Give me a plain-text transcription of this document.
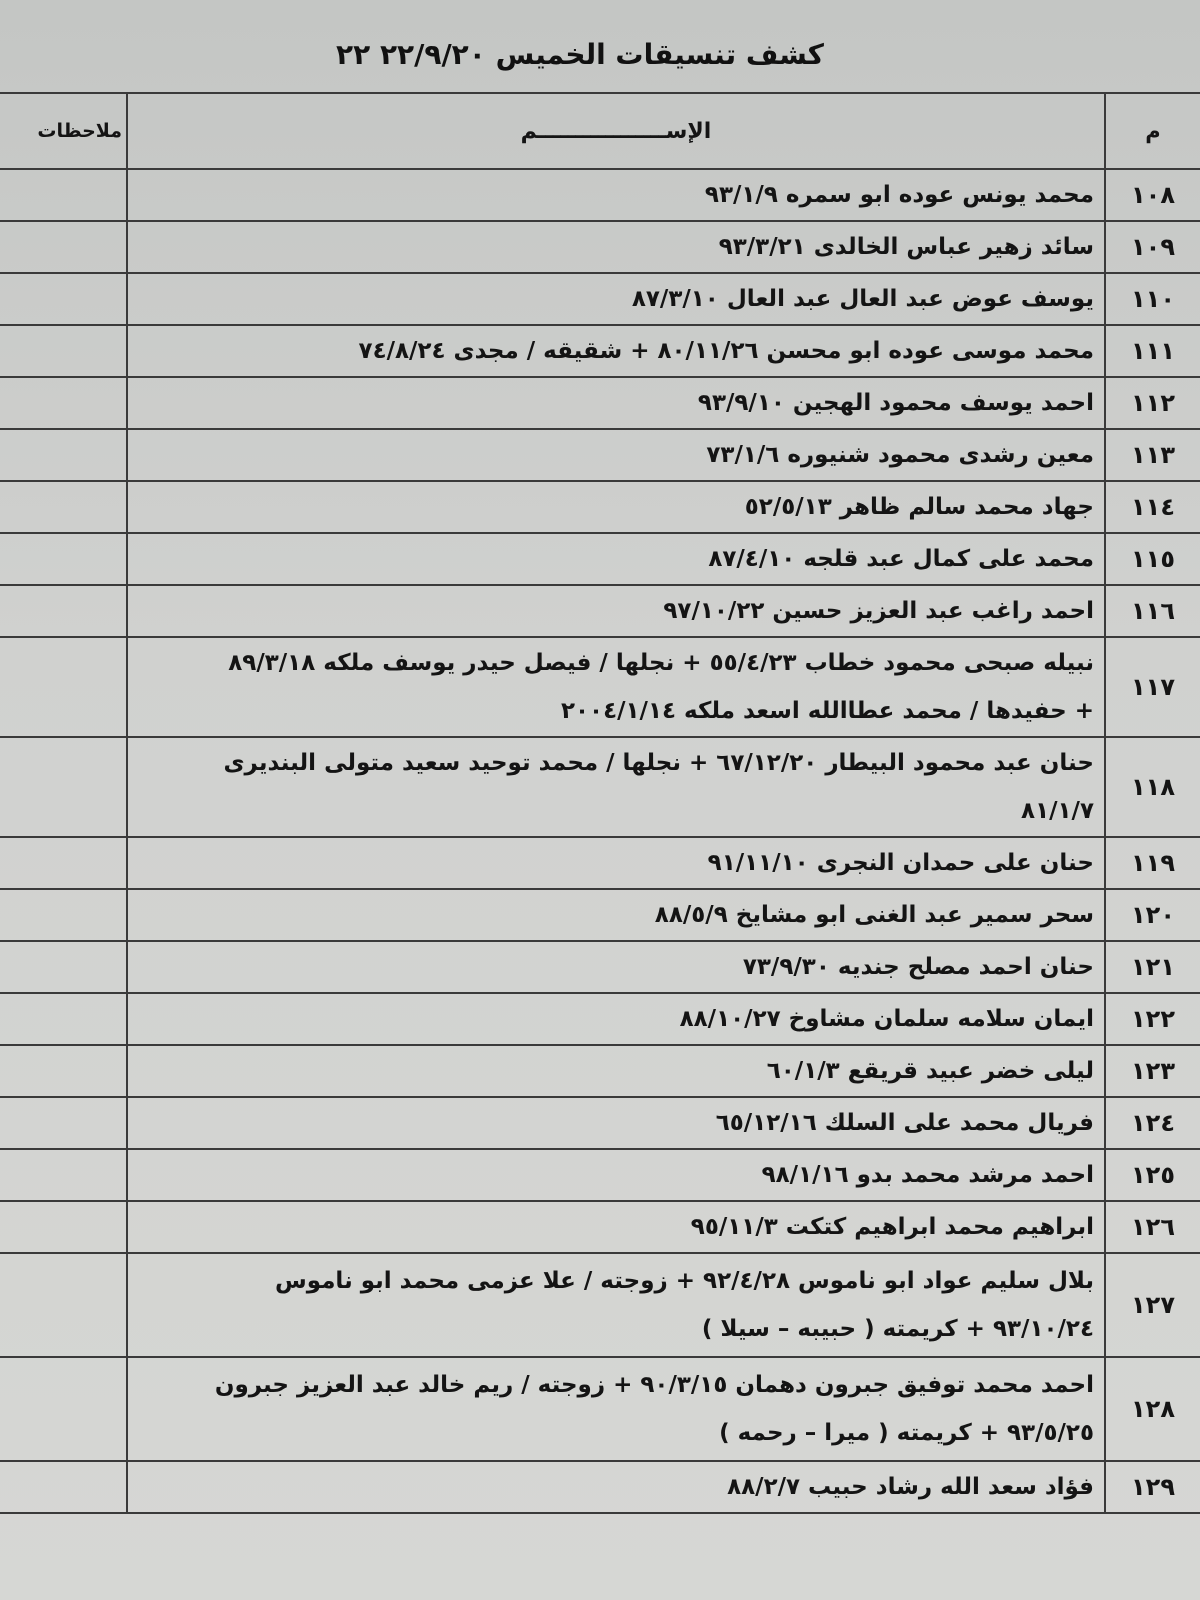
كشف تنسيقات الخميس ٢٢/٩/٢٠ ٢٢
م	الإســـــــــــــــــم	ملاحظات
١٠٨	محمد يونس عوده ابو سمره ٩٣/١/٩	

١٠٩	سائد زهير عباس الخالدى ٩٣/٣/٢١	

١١٠	يوسف عوض عبد العال عبد العال ٨٧/٣/١٠	

١١١	محمد موسى عوده ابو محسن ٨٠/١١/٢٦ + شقيقه / مجدى ٧٤/٨/٢٤	

١١٢	احمد يوسف محمود الهجين ٩٣/٩/١٠	

١١٣	معين رشدى محمود شنيوره ٧٣/١/٦	

١١٤	جهاد محمد سالم ظاهر ٥٢/٥/١٣	

١١٥	محمد على كمال عبد قلجه ٨٧/٤/١٠	

١١٦	احمد راغب عبد العزيز حسين ٩٧/١٠/٢٢	

١١٧	نبيله صبحى محمود خطاب ٥٥/٤/٢٣ + نجلها / فيصل حيدر يوسف ملكه ٨٩/٣/١٨
+ حفيدها / محمد عطاالله اسعد ملكه ٢٠٠٤/١/١٤	

١١٨	حنان عبد محمود البيطار ٦٧/١٢/٢٠ + نجلها / محمد توحيد سعيد متولى البنديرى
٨١/١/٧	

١١٩	حنان على حمدان النجرى ٩١/١١/١٠	

١٢٠	سحر سمير عبد الغنى ابو مشايخ ٨٨/٥/٩	

١٢١	حنان احمد مصلح جنديه ٧٣/٩/٣٠	

١٢٢	ايمان سلامه سلمان مشاوخ ٨٨/١٠/٢٧	

١٢٣	ليلى خضر عبيد قريقع ٦٠/١/٣	

١٢٤	فريال محمد على السلك ٦٥/١٢/١٦	

١٢٥	احمد مرشد محمد بدو ٩٨/١/١٦	

١٢٦	ابراهيم محمد ابراهيم كتكت ٩٥/١١/٣	

١٢٧	بلال سليم عواد ابو ناموس ٩٢/٤/٢٨ + زوجته / علا عزمى محمد ابو ناموس
٩٣/١٠/٢٤ + كريمته ( حبيبه – سيلا )	

١٢٨	احمد محمد توفيق جبرون دهمان ٩٠/٣/١٥ + زوجته / ريم خالد عبد العزيز جبرون
٩٣/٥/٢٥ + كريمته ( ميرا – رحمه )	

١٢٩	فؤاد سعد الله رشاد حبيب ٨٨/٢/٧	
